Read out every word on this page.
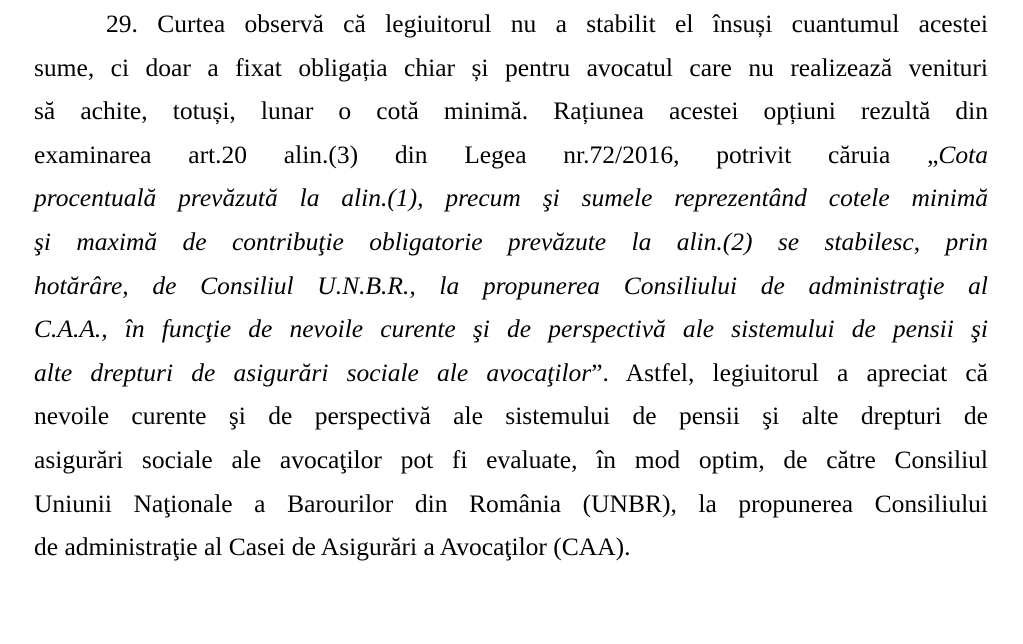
29. Curtea observă că legiuitorul nu a stabilit el însuși cuantumul acestei
sume, ci doar a fixat obligația chiar și pentru avocatul care nu realizează venituri
să achite, totuși, lunar o cotă minimă. Rațiunea acestei opțiuni rezultă din
examinarea art.20 alin.(3) din Legea nr.72/2016, potrivit căruia „Cota
procentuală prevăzută la alin.(1), precum şi sumele reprezentând cotele minimă
şi maximă de contribuţie obligatorie prevăzute la alin.(2) se stabilesc, prin
hotărâre, de Consiliul U.N.B.R., la propunerea Consiliului de administraţie al
C.A.A., în funcţie de nevoile curente şi de perspectivă ale sistemului de pensii şi
alte drepturi de asigurări sociale ale avocaţilor”. Astfel, legiuitorul a apreciat că
nevoile curente şi de perspectivă ale sistemului de pensii şi alte drepturi de
asigurări sociale ale avocaţilor pot fi evaluate, în mod optim, de către Consiliul
Uniunii Naţionale a Barourilor din România (UNBR), la propunerea Consiliului
de administraţie al Casei de Asigurări a Avocaţilor (CAA).
